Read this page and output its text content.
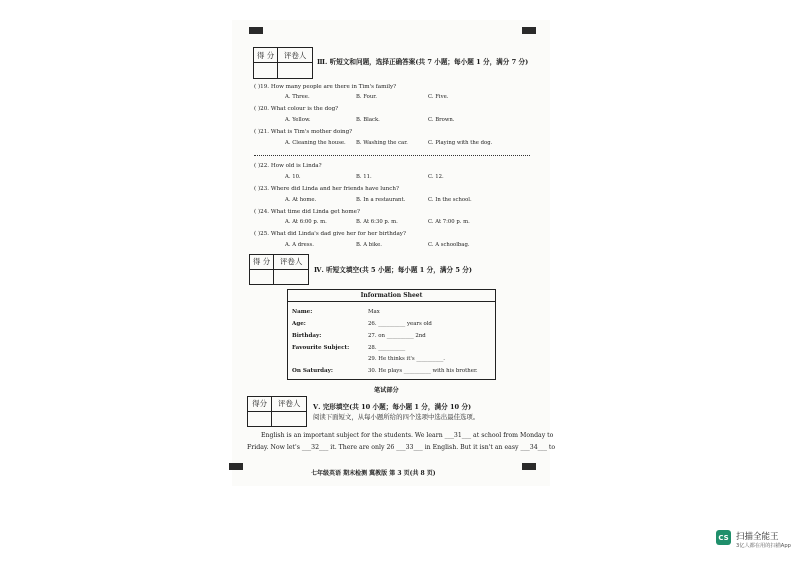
得 分	评卷人
Ⅲ. 听短文和问题，选择正确答案(共 7 小题；每小题 1 分，满分 7 分)
( )19. How many people are there in Tim's family?
A. Three.	B. Four.	C. Five.
( )20. What colour is the dog?
A. Yellow.	B. Black.	C. Brown.
( )21. What is Tim's mother doing?
A. Cleaning the house. B. Washing the car.	C. Playing with the dog.
( )22. How old is Linda?
A. 10.	B. 11.	C. 12.
( )23. Where did Linda and her friends have lunch?
A. At home.	B. In a restaurant.	C. In the school.
( )24. What time did Linda get home?
A. At 6:00 p. m.	B. At 6:30 p. m.	C. At 7:00 p. m.
( )25. What did Linda's dad give her for her birthday?
A. A dress.	B. A bike.	C. A schoolbag.
得 分	评卷人
Ⅳ. 听短文填空(共 5 小题；每小题 1 分，满分 5 分)
Information Sheet
Name:	Max
Age:	26. __________ years old
Birthday:	27. on __________ 2nd
Favourite Subject:	28. __________
29. He thinks it's __________.
On Saturday:	30. He plays __________ with his brother.
笔试部分
得分	评卷人	Ⅴ. 完形填空(共 10 小题；每小题 1 分，满分 10 分)
阅读下面短文，从每小题所给的四个选项中选出最佳选项。
English is an important subject for the students. We learn ___31___ at school from Monday to
Friday. Now let's ___32___ it. There are only 26 ___33___ in English. But it isn't an easy ___34___ to
七年级英语 期末检测 冀教版 第 3 页(共 8 页)
CS 扫描全能王
3亿人都在用的扫描App
